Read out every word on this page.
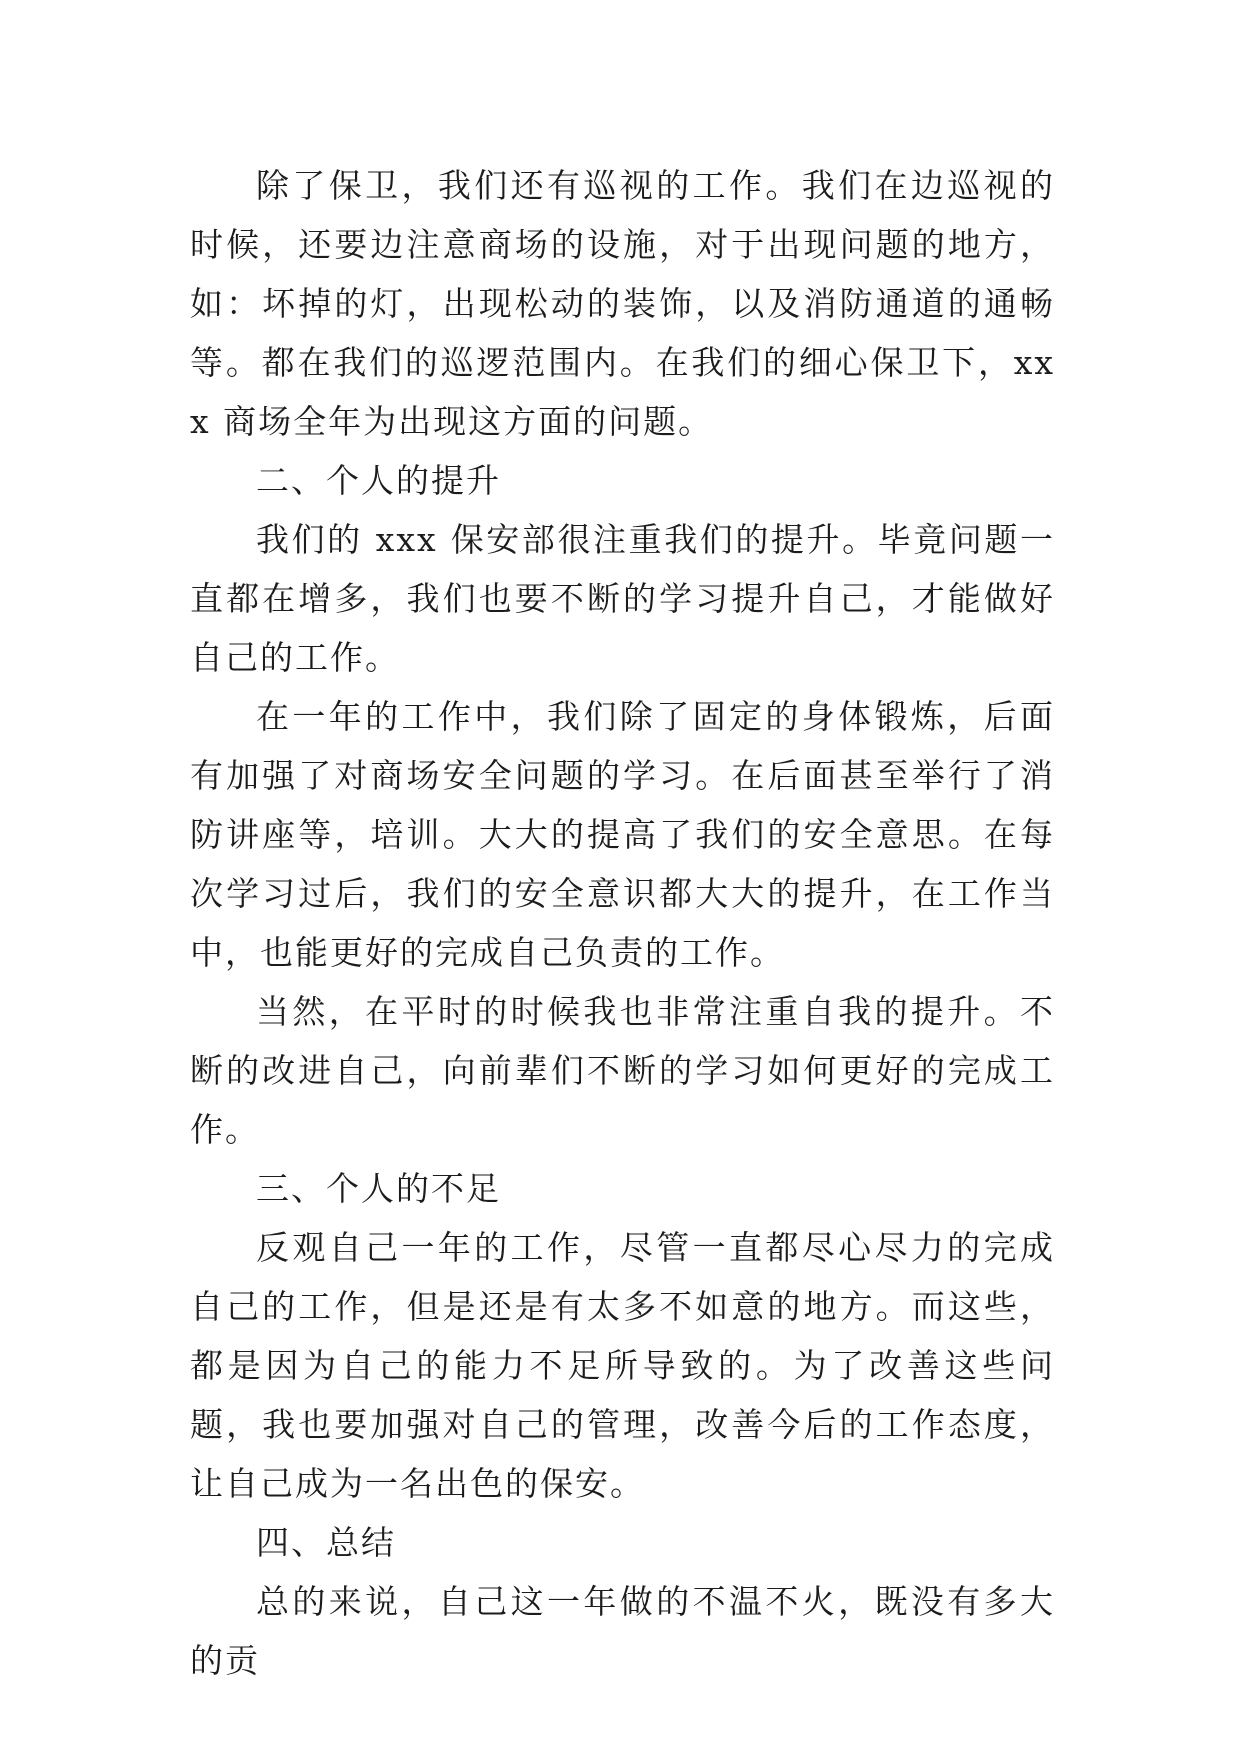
除了保卫，我们还有巡视的工作。我们在边巡视的时候，还要边注意商场的设施，对于出现问题的地方，如：坏掉的灯，出现松动的装饰，以及消防通道的通畅等。都在我们的巡逻范围内。在我们的细心保卫下，xxx 商场全年为出现这方面的问题。

二、个人的提升

我们的 xxx 保安部很注重我们的提升。毕竟问题一直都在增多，我们也要不断的学习提升自己，才能做好自己的工作。

在一年的工作中，我们除了固定的身体锻炼，后面有加强了对商场安全问题的学习。在后面甚至举行了消防讲座等，培训。大大的提高了我们的安全意思。在每次学习过后，我们的安全意识都大大的提升，在工作当中，也能更好的完成自己负责的工作。

当然，在平时的时候我也非常注重自我的提升。不断的改进自己，向前辈们不断的学习如何更好的完成工作。

三、个人的不足

反观自己一年的工作，尽管一直都尽心尽力的完成自己的工作，但是还是有太多不如意的地方。而这些，都是因为自己的能力不足所导致的。为了改善这些问题，我也要加强对自己的管理，改善今后的工作态度，让自己成为一名出色的保安。

四、总结

总的来说，自己这一年做的不温不火，既没有多大的贡
